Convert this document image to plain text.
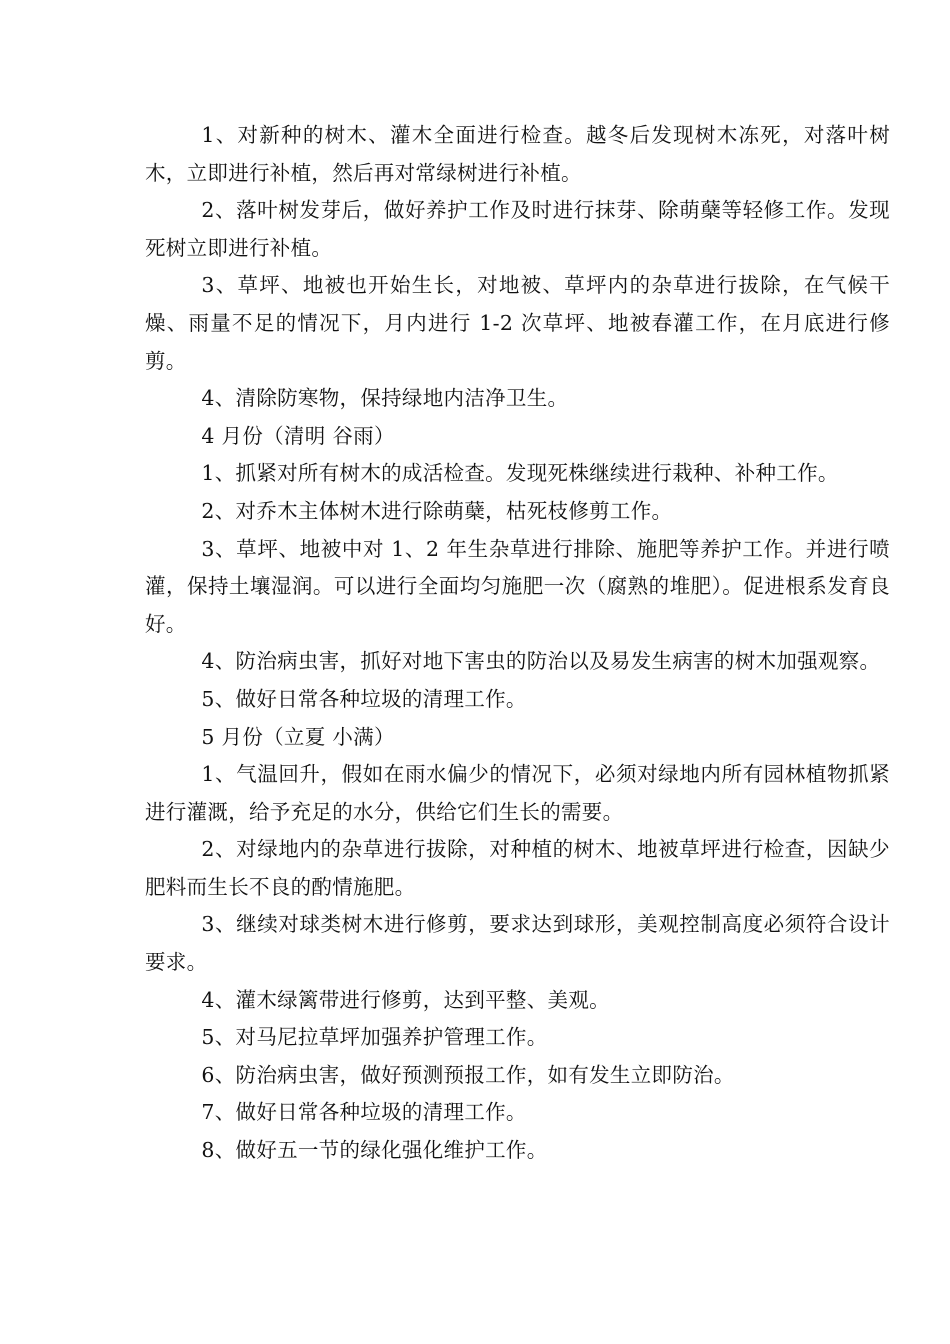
1、对新种的树木、灌木全面进行检查。越冬后发现树木冻死，对落叶树木，立即进行补植，然后再对常绿树进行补植。

2、落叶树发芽后，做好养护工作及时进行抹芽、除萌蘖等轻修工作。发现死树立即进行补植。

3、草坪、地被也开始生长，对地被、草坪内的杂草进行拔除，在气候干燥、雨量不足的情况下，月内进行 1-2 次草坪、地被春灌工作，在月底进行修剪。

4、清除防寒物，保持绿地内洁净卫生。

4 月份（清明 谷雨）

1、抓紧对所有树木的成活检查。发现死株继续进行栽种、补种工作。

2、对乔木主体树木进行除萌蘖，枯死枝修剪工作。

3、草坪、地被中对 1、2 年生杂草进行排除、施肥等养护工作。并进行喷灌，保持土壤湿润。可以进行全面均匀施肥一次（腐熟的堆肥）。促进根系发育良好。

4、防治病虫害，抓好对地下害虫的防治以及易发生病害的树木加强观察。

5、做好日常各种垃圾的清理工作。

5 月份（立夏 小满）

1、气温回升，假如在雨水偏少的情况下，必须对绿地内所有园林植物抓紧进行灌溉，给予充足的水分，供给它们生长的需要。

2、对绿地内的杂草进行拔除，对种植的树木、地被草坪进行检查，因缺少肥料而生长不良的酌情施肥。

3、继续对球类树木进行修剪，要求达到球形，美观控制高度必须符合设计要求。

4、灌木绿篱带进行修剪，达到平整、美观。

5、对马尼拉草坪加强养护管理工作。

6、防治病虫害，做好预测预报工作，如有发生立即防治。

7、做好日常各种垃圾的清理工作。

8、做好五一节的绿化强化维护工作。
